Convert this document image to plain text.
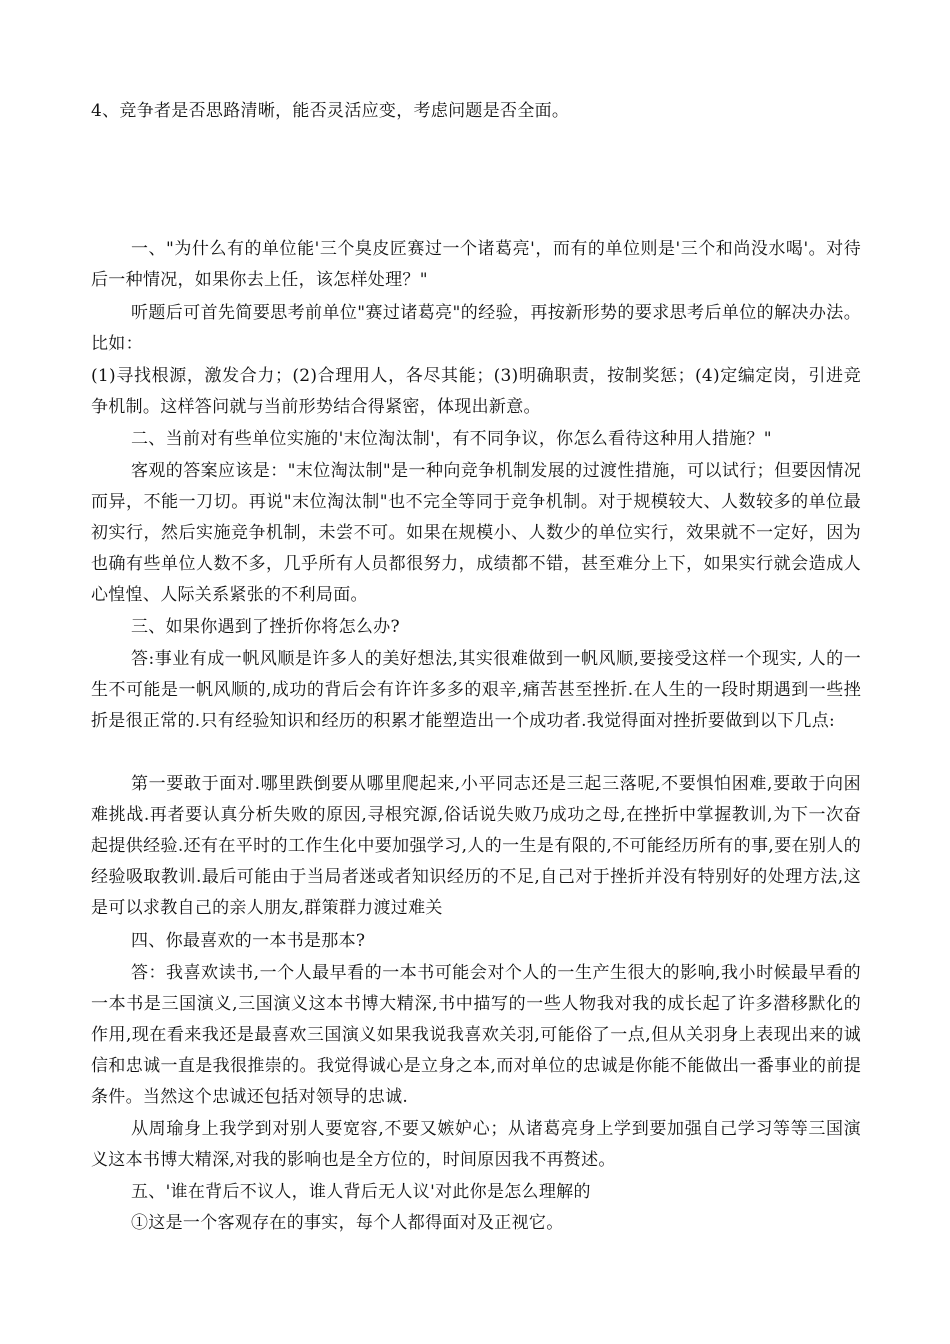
4、竞争者是否思路清晰，能否灵活应变，考虑问题是否全面。

一、"为什么有的单位能'三个臭皮匠赛过一个诸葛亮'，而有的单位则是'三个和尚没水喝'。对待后一种情况，如果你去上任，该怎样处理？"

听题后可首先简要思考前单位"赛过诸葛亮"的经验，再按新形势的要求思考后单位的解决办法。比如：

(1)寻找根源，激发合力；(2)合理用人，各尽其能；(3)明确职责，按制奖惩；(4)定编定岗，引进竞争机制。这样答问就与当前形势结合得紧密，体现出新意。

二、当前对有些单位实施的'末位淘汰制'，有不同争议，你怎么看待这种用人措施？"

客观的答案应该是："末位淘汰制"是一种向竞争机制发展的过渡性措施，可以试行；但要因情况而异，不能一刀切。再说"末位淘汰制"也不完全等同于竞争机制。对于规模较大、人数较多的单位最初实行，然后实施竞争机制，未尝不可。如果在规模小、人数少的单位实行，效果就不一定好，因为也确有些单位人数不多，几乎所有人员都很努力，成绩都不错，甚至难分上下，如果实行就会造成人心惶惶、人际关系紧张的不利局面。

三、如果你遇到了挫折你将怎么办?

答:事业有成一帆风顺是许多人的美好想法,其实很难做到一帆风顺,要接受这样一个现实, 人的一生不可能是一帆风顺的,成功的背后会有许许多多的艰辛,痛苦甚至挫折.在人生的一段时期遇到一些挫折是很正常的.只有经验知识和经历的积累才能塑造出一个成功者.我觉得面对挫折要做到以下几点:

第一要敢于面对.哪里跌倒要从哪里爬起来,小平同志还是三起三落呢,不要惧怕困难,要敢于向困难挑战.再者要认真分析失败的原因,寻根究源,俗话说失败乃成功之母,在挫折中掌握教训,为下一次奋起提供经验.还有在平时的工作生化中要加强学习,人的一生是有限的,不可能经历所有的事,要在别人的经验吸取教训.最后可能由于当局者迷或者知识经历的不足,自己对于挫折并没有特别好的处理方法,这是可以求教自己的亲人朋友,群策群力渡过难关

四、你最喜欢的一本书是那本?

答：我喜欢读书,一个人最早看的一本书可能会对个人的一生产生很大的影响,我小时候最早看的一本书是三国演义,三国演义这本书博大精深,书中描写的一些人物我对我的成长起了许多潜移默化的作用,现在看来我还是最喜欢三国演义如果我说我喜欢关羽,可能俗了一点,但从关羽身上表现出来的诚信和忠诚一直是我很推崇的。我觉得诚心是立身之本,而对单位的忠诚是你能不能做出一番事业的前提条件。当然这个忠诚还包括对领导的忠诚.

从周瑜身上我学到对别人要宽容,不要又嫉妒心；从诸葛亮身上学到要加强自己学习等等三国演义这本书博大精深,对我的影响也是全方位的，时间原因我不再赘述。

五、'谁在背后不议人，谁人背后无人议'对此你是怎么理解的

①这是一个客观存在的事实，每个人都得面对及正视它。
